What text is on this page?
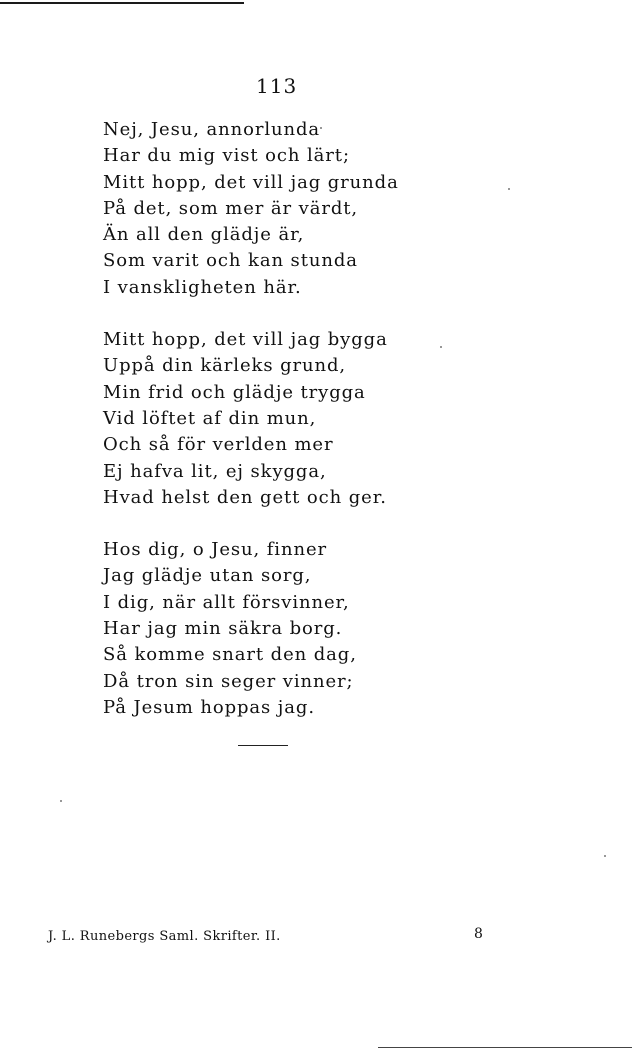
113
Nej, Jesu, annorlunda
Har du mig vist och lärt;
Mitt hopp, det vill jag grunda
På det, som mer är värdt,
Än all den glädje är,
Som varit och kan stunda
I vanskligheten här.
Mitt hopp, det vill jag bygga
Uppå din kärleks grund,
Min frid och glädje trygga
Vid löftet af din mun,
Och så för verlden mer
Ej hafva lit, ej skygga,
Hvad helst den gett och ger.
Hos dig, o Jesu, finner
Jag glädje utan sorg,
I dig, när allt försvinner,
Har jag min säkra borg.
Så komme snart den dag,
Då tron sin seger vinner;
På Jesum hoppas jag.
J. L. Runebergs Saml. Skrifter. II.	8
